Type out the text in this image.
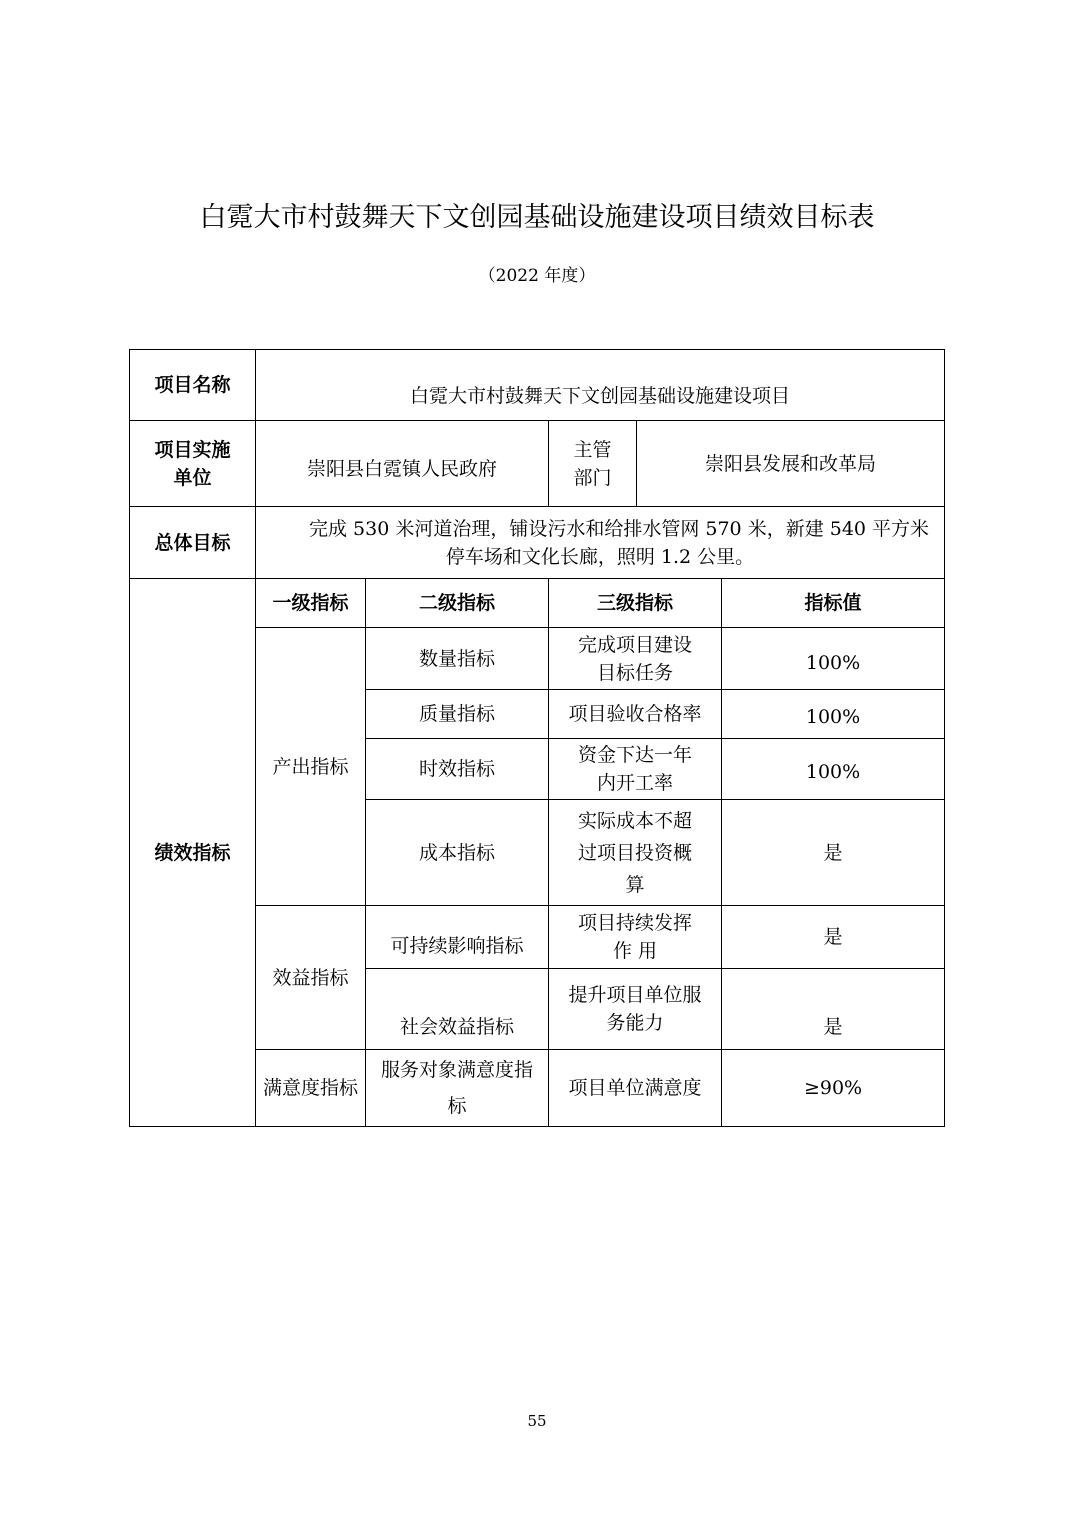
白霓大市村鼓舞天下文创园基础设施建设项目绩效目标表
（2022 年度）
项目名称	白霓大市村鼓舞天下文创园基础设施建设项目				
项目实施单位	崇阳县白霓镇人民政府		主管部门	崇阳县发展和改革局	
总体目标	完成 530 米河道治理，铺设污水和给排水管网 570 米，新建 540 平方米停车场和文化长廊，照明 1.2 公里。				
绩效指标	一级指标	二级指标	三级指标		指标值
	产出指标	数量指标	完成项目建设目标任务		100%
		质量指标	项目验收合格率		100%
		时效指标	资金下达一年内开工率		100%
		成本指标	实际成本不超过项目投资概算		是
	效益指标	可持续影响指标	项目持续发挥作 用		是
		社会效益指标	提升项目单位服务能力		是
	满意度指标	服务对象满意度指 标	项目单位满意度		≥90%
55
